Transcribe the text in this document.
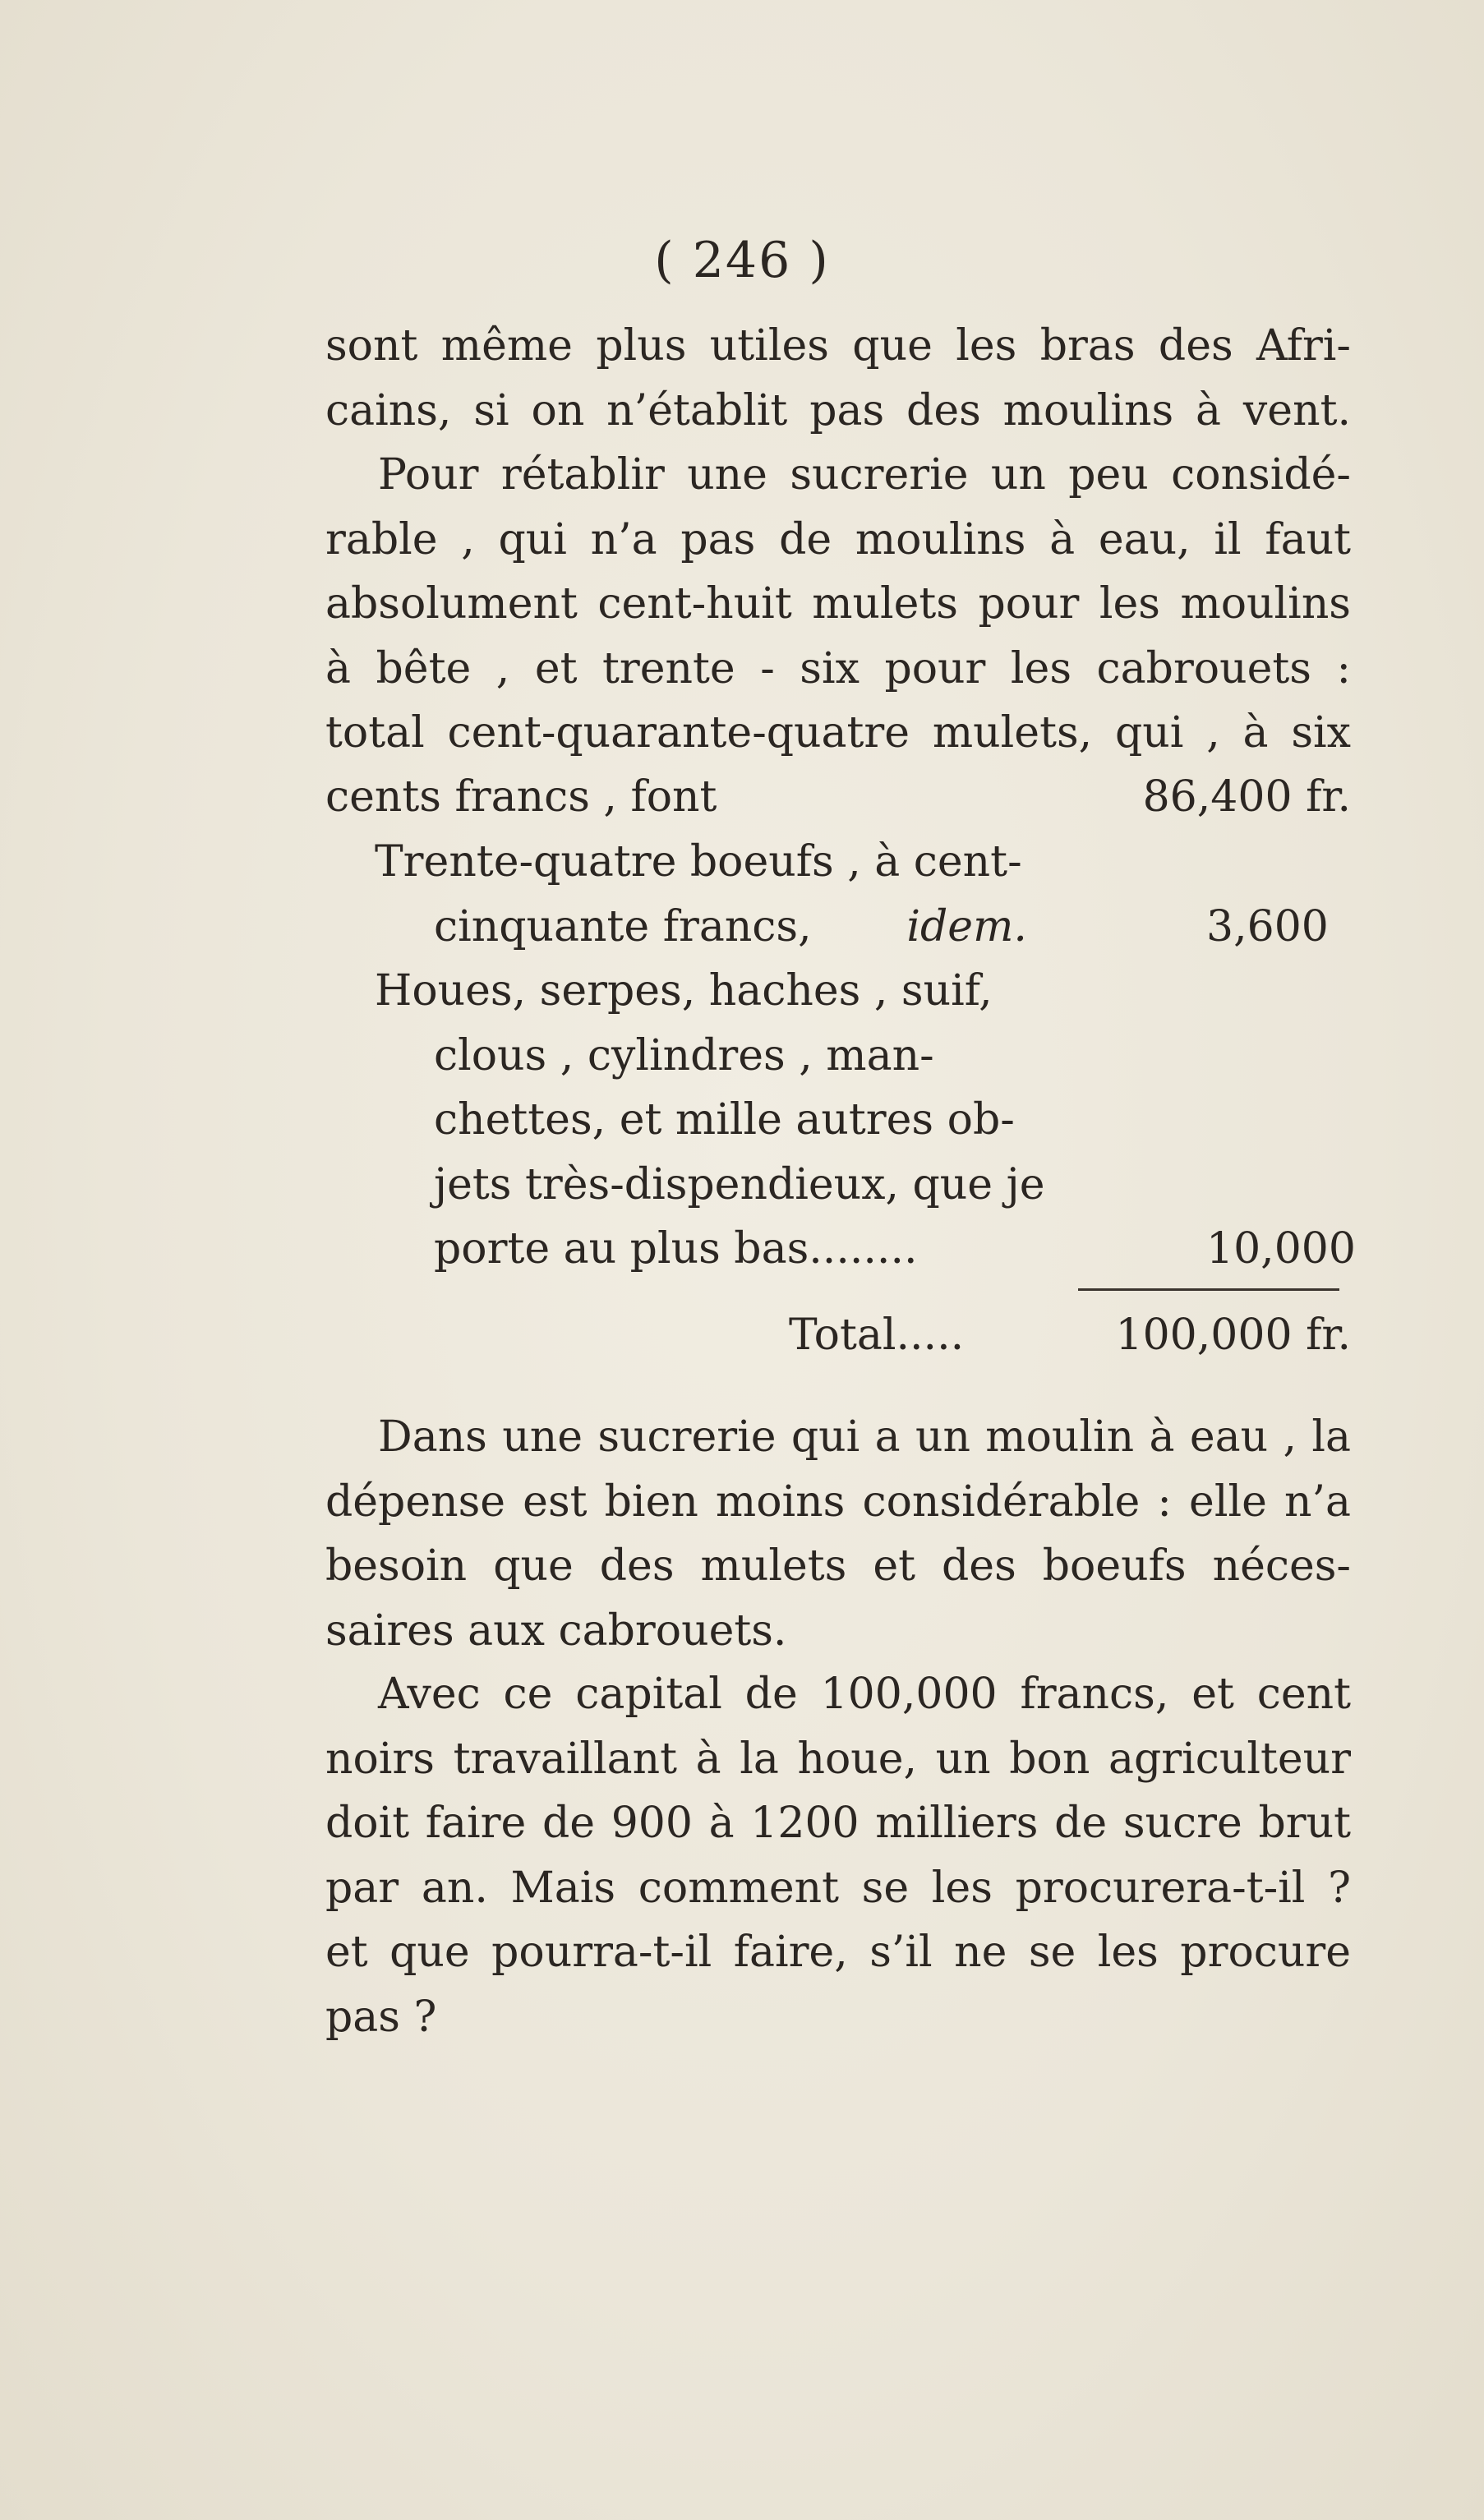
( 246 )
sont même plus utiles que les bras des Afri-
cains, si on n’établit pas des moulins à vent.
Pour rétablir une sucrerie un peu considé-
rable , qui n’a pas de moulins à eau, il faut
absolument cent-huit mulets pour les moulins
à bête , et trente - six pour les cabrouets :
total cent-quarante-quatre mulets, qui , à six
cents francs , font	86,400 fr.
Trente-quatre boeufs , à cent-
cinquante francs, idem.	3,600
Houes, serpes, haches , suif,
clous , cylindres , man-
chettes, et mille autres ob-
jets très-dispendieux, que je
porte au plus bas........	10,000
Total.....	100,000 fr.
Dans une sucrerie qui a un moulin à eau , la
dépense est bien moins considérable : elle n’a
besoin que des mulets et des boeufs néces-
saires aux cabrouets.
Avec ce capital de 100,000 francs, et cent
noirs travaillant à la houe, un bon agriculteur
doit faire de 900 à 1200 milliers de sucre brut
par an. Mais comment se les procurera-t-il ?
et que pourra-t-il faire, s’il ne se les procure
pas ?
